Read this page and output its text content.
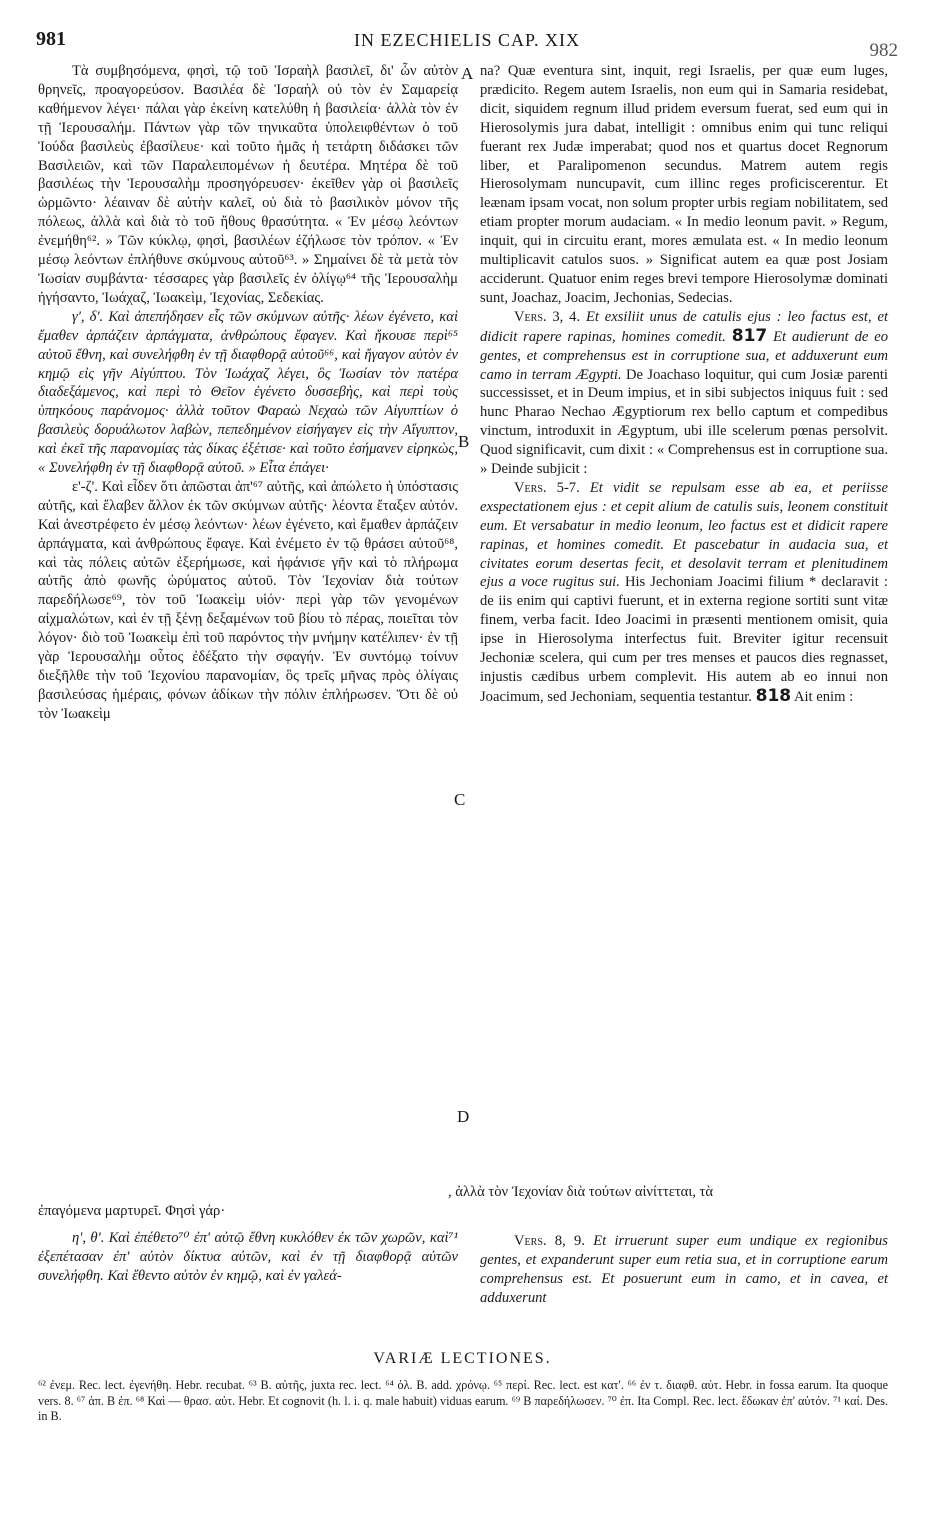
981	IN EZECHIELIS CAP. XIX	982
A
B
C
D

Τὰ συμβησόμενα, φησὶ, τῷ τοῦ Ἰσραὴλ βασιλεῖ, δι' ὧν αὐτὸν θρηνεῖς, προαγορεύσον. Βασιλέα δὲ Ἰσραὴλ οὐ τὸν ἐν Σαμαρείᾳ καθήμενον λέγει· πάλαι γὰρ ἐκείνη κατελύθη ἡ βασιλεία· ἀλλὰ τὸν ἐν τῇ Ἱερουσαλήμ. Πάντων γὰρ τῶν τηνικαῦτα ὑπολειφθέντων ὁ τοῦ Ἰούδα βασιλεὺς ἐβασίλευε· καὶ τοῦτο ἡμᾶς ἡ τετάρτη διδάσκει τῶν Βασιλειῶν, καὶ τῶν Παραλειπομένων ἡ δευτέρα. Μητέρα δὲ τοῦ βασιλέως τὴν Ἱερουσαλὴμ προσηγόρευσεν· ἐκεῖθεν γὰρ οἱ βασιλεῖς ὡρμῶντο· λέαιναν δὲ αὐτὴν καλεῖ, οὐ διὰ τὸ βασιλικὸν μόνον τῆς πόλεως, ἀλλὰ καὶ διὰ τὸ τοῦ ἤθους θρασύτητα. « Ἐν μέσῳ λεόντων ἐνεμήθη⁶². » Τῶν κύκλῳ, φησὶ, βασιλέων ἐζήλωσε τὸν τρόπον. « Ἐν μέσῳ λεόντων ἐπλήθυνε σκύμνους αὐτοῦ⁶³. » Σημαίνει δὲ τὰ μετὰ τὸν Ἰωσίαν συμβάντα· τέσσαρες γὰρ βασιλεῖς ἐν ὀλίγῳ⁶⁴ τῆς Ἱερουσαλὴμ ἡγήσαντο, Ἰωάχαζ, Ἰωακεὶμ, Ἰεχονίας, Σεδεκίας.

γ', δ'. Καὶ ἀπεπήδησεν εἷς τῶν σκύμνων αὐτῆς· λέων ἐγένετο, καὶ ἔμαθεν ἁρπάζειν ἁρπάγματα, ἀνθρώπους ἔφαγεν. Καὶ ἤκουσε περὶ⁶⁵ αὐτοῦ ἔθνη, καὶ συνελήφθη ἐν τῇ διαφθορᾷ αὐτοῦ⁶⁶, καὶ ἤγαγον αὐτὸν ἐν κημῷ εἰς γῆν Αἰγύπτου. Τὸν Ἰωάχαζ λέγει, ὃς Ἰωσίαν τὸν πατέρα διαδεξάμενος, καὶ περὶ τὸ Θεῖον ἐγένετο δυσσεβὴς, καὶ περὶ τοὺς ὑπηκόους παράνομος· ἀλλὰ τοῦτον Φαραὼ Νεχαὼ τῶν Αἰγυπτίων ὁ βασιλεὺς δορυάλωτον λαβὼν, πεπεδημένον εἰσήγαγεν εἰς τὴν Αἴγυπτον, καὶ ἐκεῖ τῆς παρανομίας τὰς δίκας ἐξέτισε· καὶ τοῦτο ἐσήμανεν εἰρηκὼς, « Συνελήφθη ἐν τῇ διαφθορᾷ αὐτοῦ. » Εἶτα ἐπάγει·

ε'-ζ'. Καὶ εἶδεν ὅτι ἀπῶσται ἀπ'⁶⁷ αὐτῆς, καὶ ἀπώλετο ἡ ὑπόστασις αὐτῆς, καὶ ἔλαβεν ἄλλον ἐκ τῶν σκύμνων αὐτῆς· λέοντα ἔταξεν αὐτόν. Καὶ ἀνεστρέφετο ἐν μέσῳ λεόντων· λέων ἐγένετο, καὶ ἔμαθεν ἁρπάζειν ἁρπάγματα, καὶ ἀνθρώπους ἔφαγε. Καὶ ἐνέμετο ἐν τῷ θράσει αὐτοῦ⁶⁸, καὶ τὰς πόλεις αὐτῶν ἐξερήμωσε, καὶ ἠφάνισε γῆν καὶ τὸ πλήρωμα αὐτῆς ἀπὸ φωνῆς ὠρύματος αὐτοῦ. Τὸν Ἰεχονίαν διὰ τούτων παρεδήλωσε⁶⁹, τὸν τοῦ Ἰωακεὶμ υἱόν· περὶ γὰρ τῶν γενομένων αἰχμαλώτων, καὶ ἐν τῇ ξένῃ δεξαμένων τοῦ βίου τὸ πέρας, ποιεῖται τὸν λόγον· διὸ τοῦ Ἰωακεὶμ ἐπὶ τοῦ παρόντος τὴν μνήμην κατέλιπεν· ἐν τῇ γὰρ Ἱερουσαλὴμ οὗτος ἐδέξατο τὴν σφαγήν. Ἐν συντόμῳ τοίνυν διεξῆλθε τὴν τοῦ Ἰεχονίου παρανομίαν, ὃς τρεῖς μῆνας πρὸς ὀλίγαις βασιλεύσας ἡμέραις, φόνων ἀδίκων τὴν πόλιν ἐπλήρωσεν. Ὅτι δὲ οὐ τὸν Ἰωακεὶμ

, ἀλλὰ τὸν Ἰεχονίαν διὰ τούτων αἰνίττεται, τὰ

ἐπαγόμενα μαρτυρεῖ. Φησὶ γάρ·

η', θ'. Καὶ ἐπέθετο⁷⁰ ἐπ' αὐτῷ ἔθνη κυκλόθεν ἐκ τῶν χωρῶν, καὶ⁷¹ ἐξεπέτασαν ἐπ' αὐτὸν δίκτυα αὐτῶν, καὶ ἐν τῇ διαφθορᾷ αὐτῶν συνελήφθη. Καὶ ἔθεντο αὐτὸν ἐν κημῷ, καὶ ἐν γαλεά-

na? Quæ eventura sint, inquit, regi Israelis, per quæ eum luges, prædicito. Regem autem Israelis, non eum qui in Samaria residebat, dicit, siquidem regnum illud pridem eversum fuerat, sed eum qui in Hierosolymis jura dabat, intelligit : omnibus enim qui tunc reliqui fuerant rex Judæ imperabat; quod nos et quartus docet Regnorum liber, et Paralipomenon secundus. Matrem autem regis Hierosolymam nuncupavit, cum illinc reges proficiscerentur. Et leænam ipsam vocat, non solum propter urbis regiam nobilitatem, sed etiam propter morum audaciam. « In medio leonum pavit. » Regum, inquit, qui in circuitu erant, mores æmulata est. « In medio leonum multiplicavit catulos suos. » Significat autem ea quæ post Josiam acciderunt. Quatuor enim reges brevi tempore Hierosolymæ dominati sunt, Joachaz, Joacim, Jechonias, Sedecias.

Vers. 3, 4. Et exsiliit unus de catulis ejus : leo factus est, et didicit rapere rapinas, homines comedit. 817 Et audierunt de eo gentes, et comprehensus est in corruptione sua, et adduxerunt eum camo in terram Ægypti. De Joachaso loquitur, qui cum Josiæ parenti successisset, et in Deum impius, et in sibi subjectos iniquus fuit : sed hunc Pharao Nechao Ægyptiorum rex bello captum et compedibus vinctum, introduxit in Ægyptum, ubi ille scelerum pœnas persolvit. Quod significavit, cum dixit : « Comprehensus est in corruptione sua. » Deinde subjicit :

Vers. 5-7. Et vidit se repulsam esse ab ea, et periisse exspectationem ejus : et cepit alium de catulis suis, leonem constituit eum. Et versabatur in medio leonum, leo factus est et didicit rapere rapinas, et homines comedit. Et pascebatur in audacia sua, et civitates eorum desertas fecit, et desolavit terram et plenitudinem ejus a voce rugitus sui. His Jechoniam Joacimi filium * declaravit : de iis enim qui captivi fuerunt, et in externa regione sortiti sunt vitæ finem, verba facit. Ideo Joacimi in præsenti mentionem omisit, quia ipse in Hierosolyma interfectus fuit. Breviter igitur recensuit Jechoniæ scelera, qui cum per tres menses et paucos dies regnasset, injustis cædibus urbem complevit. His autem ab eo innui non Joacimum, sed Jechoniam, sequentia testantur. 818 Ait enim :

Vers. 8, 9. Et irruerunt super eum undique ex regionibus gentes, et expanderunt super eum retia sua, et in corruptione earum comprehensus est. Et posuerunt eum in camo, et in cavea, et adduxerunt

VARIÆ LECTIONES.
⁶² ἐνεμ. Rec. lect. ἐγενήθη. Hebr. recubat. ⁶³ B. αὐτῆς, juxta rec. lect. ⁶⁴ ὀλ. B. add. χρόνῳ. ⁶⁵ περί. Rec. lect. est κατ'. ⁶⁶ ἐν τ. διαφθ. αὐτ. Hebr. in fossa earum. Ita quoque vers. 8. ⁶⁷ ἀπ. B ἐπ. ⁶⁸ Καὶ — θρασ. αὐτ. Hebr. Et cognovit (h. l. i. q. male habuit) viduas earum. ⁶⁹ B παρεδήλωσεν. ⁷⁰ ἐπ. Ita Compl. Rec. lect. ἔδωκαν ἐπ' αὐτόν. ⁷¹ καί. Des. in B.
